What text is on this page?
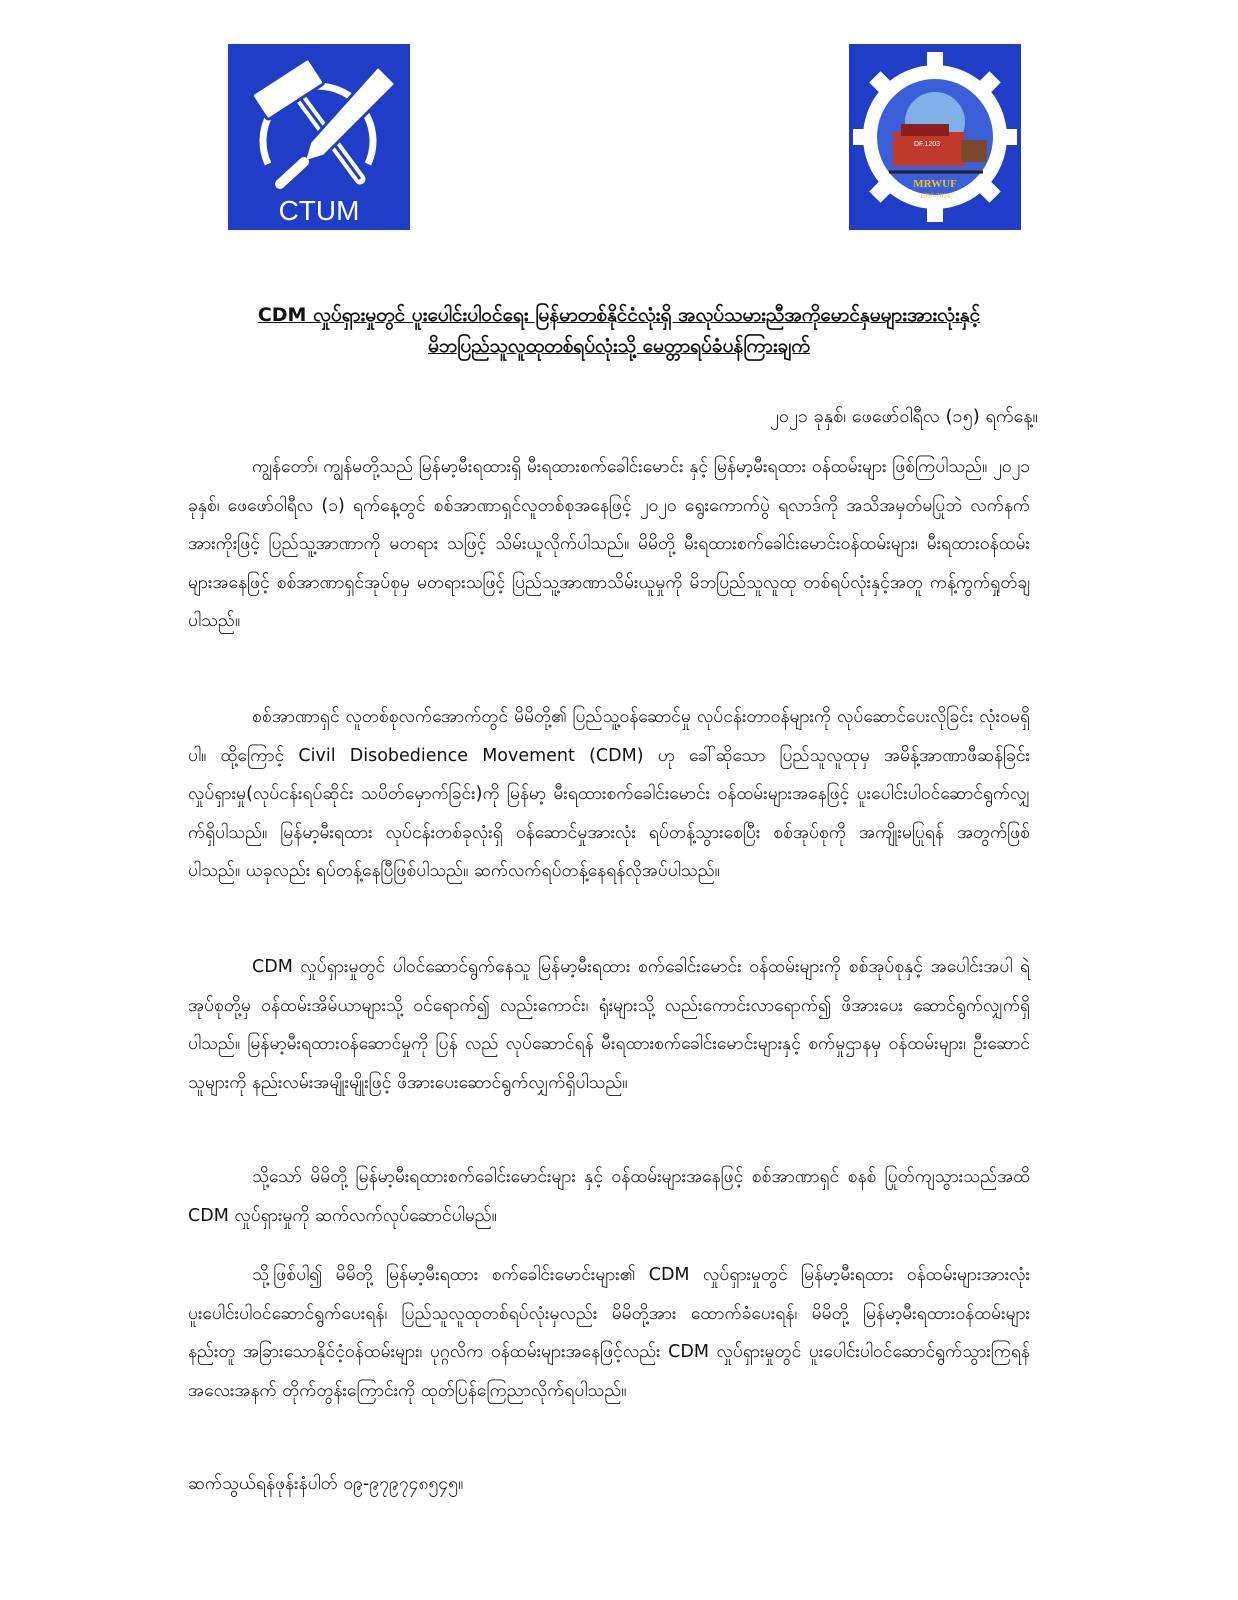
CTUM
DF.1203
MRWUF
1950-2014
CDM လှုပ်ရှားမှုတွင် ပူးပေါင်းပါဝင်ရေး မြန်မာတစ်နိုင်ငံလုံးရှိ အလုပ်သမားညီအကိုမောင်နှမများအားလုံးနှင့်
မိဘပြည်သူလူထုတစ်ရပ်လုံးသို့ မေတ္တာရပ်ခံပန်ကြားချက်
၂၀၂၁ ခုနှစ်၊ ဖေဖော်ဝါရီလ (၁၅) ရက်နေ့။

ကျွန်တော်၊ ကျွန်မတို့သည် မြန်မာ့မီးရထားရှိ မီးရထားစက်ခေါင်းမောင်း နှင့် မြန်မာ့မီးရထား ဝန်ထမ်းများ ဖြစ်ကြပါသည်။ ၂၀၂၁ ခုနှစ်၊ ဖေဖော်ဝါရီလ (၁) ရက်နေ့တွင် စစ်အာဏာရှင်လူတစ်စုအနေဖြင့် ၂၀၂၀ ရွေးကောက်ပွဲ ရလာဒ်ကို အသိအမှတ်မပြုဘဲ လက်နက်အားကိုးဖြင့် ပြည်သူ့အာဏာကို မတရား သဖြင့် သိမ်းယူလိုက်ပါသည်။ မိမိတို့ မီးရထားစက်ခေါင်းမောင်းဝန်ထမ်းများ၊ မီးရထားဝန်ထမ်းများအနေဖြင့် စစ်အာဏာရှင်အုပ်စုမှ မတရားသဖြင့် ပြည်သူ့အာဏာသိမ်းယူမှုကို မိဘပြည်သူလူထု တစ်ရပ်လုံးနှင့်အတူ ကန့်ကွက်ရှုတ်ချပါသည်။

စစ်အာဏာရှင် လူတစ်စုလက်အောက်တွင် မိမိတို့၏ ပြည်သူ့ဝန်ဆောင်မှု လုပ်ငန်းတာဝန်များကို လုပ်ဆောင်ပေးလိုခြင်း လုံးဝမရှိပါ။ ထို့ကြောင့် Civil Disobedience Movement (CDM) ဟု ခေါ်ဆိုသော ပြည်သူလူထုမှ အမိန့်အာဏာဖီဆန်ခြင်း လှုပ်ရှားမှု(လုပ်ငန်းရပ်ဆိုင်း သပိတ်မှောက်ခြင်း)ကို မြန်မာ့ မီးရထားစက်ခေါင်းမောင်း ဝန်ထမ်းများအနေဖြင့် ပူးပေါင်းပါဝင်ဆောင်ရွက်လျှက်ရှိပါသည်။ မြန်မာ့မီးရထား လုပ်ငန်းတစ်ခုလုံးရှိ ဝန်ဆောင်မှုအားလုံး ရပ်တန့်သွားစေပြီး စစ်အုပ်စုကို အကျိုးမပြုရန် အတွက်ဖြစ် ပါသည်။ ယခုလည်း ရပ်တန့်နေပြီဖြစ်ပါသည်။ ဆက်လက်ရပ်တန့်နေရန်လိုအပ်ပါသည်။

CDM လှုပ်ရှားမှုတွင် ပါဝင်ဆောင်ရွက်နေသူ မြန်မာ့မီးရထား စက်ခေါင်းမောင်း ဝန်ထမ်းများကို စစ်အုပ်စုနှင့် အပေါင်းအပါ ရဲအုပ်စုတို့မှ ဝန်ထမ်းအိမ်ယာများသို့ ဝင်ရောက်၍ လည်းကောင်း၊ ရုံးများသို့ လည်းကောင်းလာရောက်၍ ဖိအားပေး ဆောင်ရွက်လျှက်ရှိပါသည်။ မြန်မာ့မီးရထားဝန်ဆောင်မှုကို ပြန် လည် လုပ်ဆောင်ရန် မီးရထားစက်ခေါင်းမောင်းများနှင့် စက်မှုဌာနမှ ဝန်ထမ်းများ၊ ဦးဆောင်သူများကို နည်းလမ်းအမျိုးမျိုးဖြင့် ဖိအားပေးဆောင်ရွက်လျှက်ရှိပါသည်။

သို့သော် မိမိတို့ မြန်မာ့မီးရထားစက်ခေါင်းမောင်းများ နှင့် ဝန်ထမ်းများအနေဖြင့် စစ်အာဏာရှင် စနစ် ပြုတ်ကျသွားသည်အထိ CDM လှုပ်ရှားမှုကို ဆက်လက်လုပ်ဆောင်ပါမည်။

သို့ဖြစ်ပါ၍ မိမိတို့ မြန်မာ့မီးရထား စက်ခေါင်းမောင်းများ၏ CDM လှုပ်ရှားမှုတွင် မြန်မာ့မီးရထား ဝန်ထမ်းများအားလုံး ပူးပေါင်းပါဝင်ဆောင်ရွက်ပေးရန်၊ ပြည်သူလူထုတစ်ရပ်လုံးမှလည်း မိမိတို့အား ထောက်ခံပေးရန်၊ မိမိတို့ မြန်မာ့မီးရထားဝန်ထမ်းများနည်းတူ အခြားသောနိုင်ငံ့ဝန်ထမ်းများ၊ ပုဂ္ဂလိက ဝန်ထမ်းများအနေဖြင့်လည်း CDM လှုပ်ရှားမှုတွင် ပူးပေါင်းပါဝင်ဆောင်ရွက်သွားကြရန် အလေးအနက် တိုက်တွန်းကြောင်းကို ထုတ်ပြန်ကြေညာလိုက်ရပါသည်။

ဆက်သွယ်ရန်ဖုန်းနံပါတ် ၀၉-၉၇၉၇၄၈၅၄၅။
